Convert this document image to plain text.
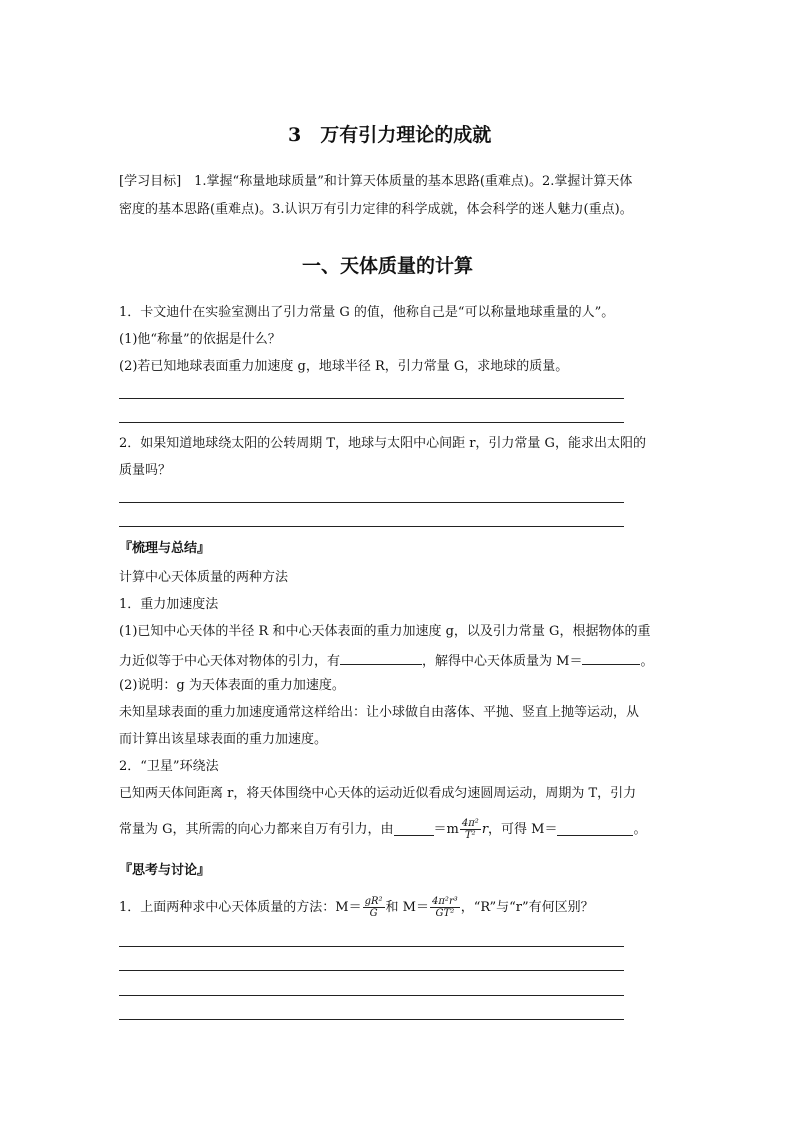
3　万有引力理论的成就
[学习目标]　1.掌握“称量地球质量”和计算天体质量的基本思路(重难点)。2.掌握计算天体
密度的基本思路(重难点)。3.认识万有引力定律的科学成就，体会科学的迷人魅力(重点)。
一、天体质量的计算
1．卡文迪什在实验室测出了引力常量 G 的值，他称自己是“可以称量地球重量的人”。
(1)他“称量”的依据是什么？
(2)若已知地球表面重力加速度 g，地球半径 R，引力常量 G，求地球的质量。
2．如果知道地球绕太阳的公转周期 T，地球与太阳中心间距 r，引力常量 G，能求出太阳的
质量吗？
『梳理与总结』
计算中心天体质量的两种方法
1．重力加速度法
(1)已知中心天体的半径 R 和中心天体表面的重力加速度 g，以及引力常量 G，根据物体的重
力近似等于中心天体对物体的引力，有	，解得中心天体质量为 M＝	。
(2)说明：g 为天体表面的重力加速度。
未知星球表面的重力加速度通常这样给出：让小球做自由落体、平抛、竖直上抛等运动，从
而计算出该星球表面的重力加速度。
2．“卫星”环绕法
已知两天体间距离 r，将天体围绕中心天体的运动近似看成匀速圆周运动，周期为 T，引力
常量为 G，其所需的向心力都来自万有引力，由	$=m \frac{\text{4π²}}{\text{T²}}$ r ，可得 M＝	。
『思考与讨论』
1．上面两种求中心天体质量的方法：$M= \frac{\text{gR²}}{G}$ 和 $M= \frac{\text{4π²r³}}{\text{GT²}}$ ，“R”与“r”有何区别？
